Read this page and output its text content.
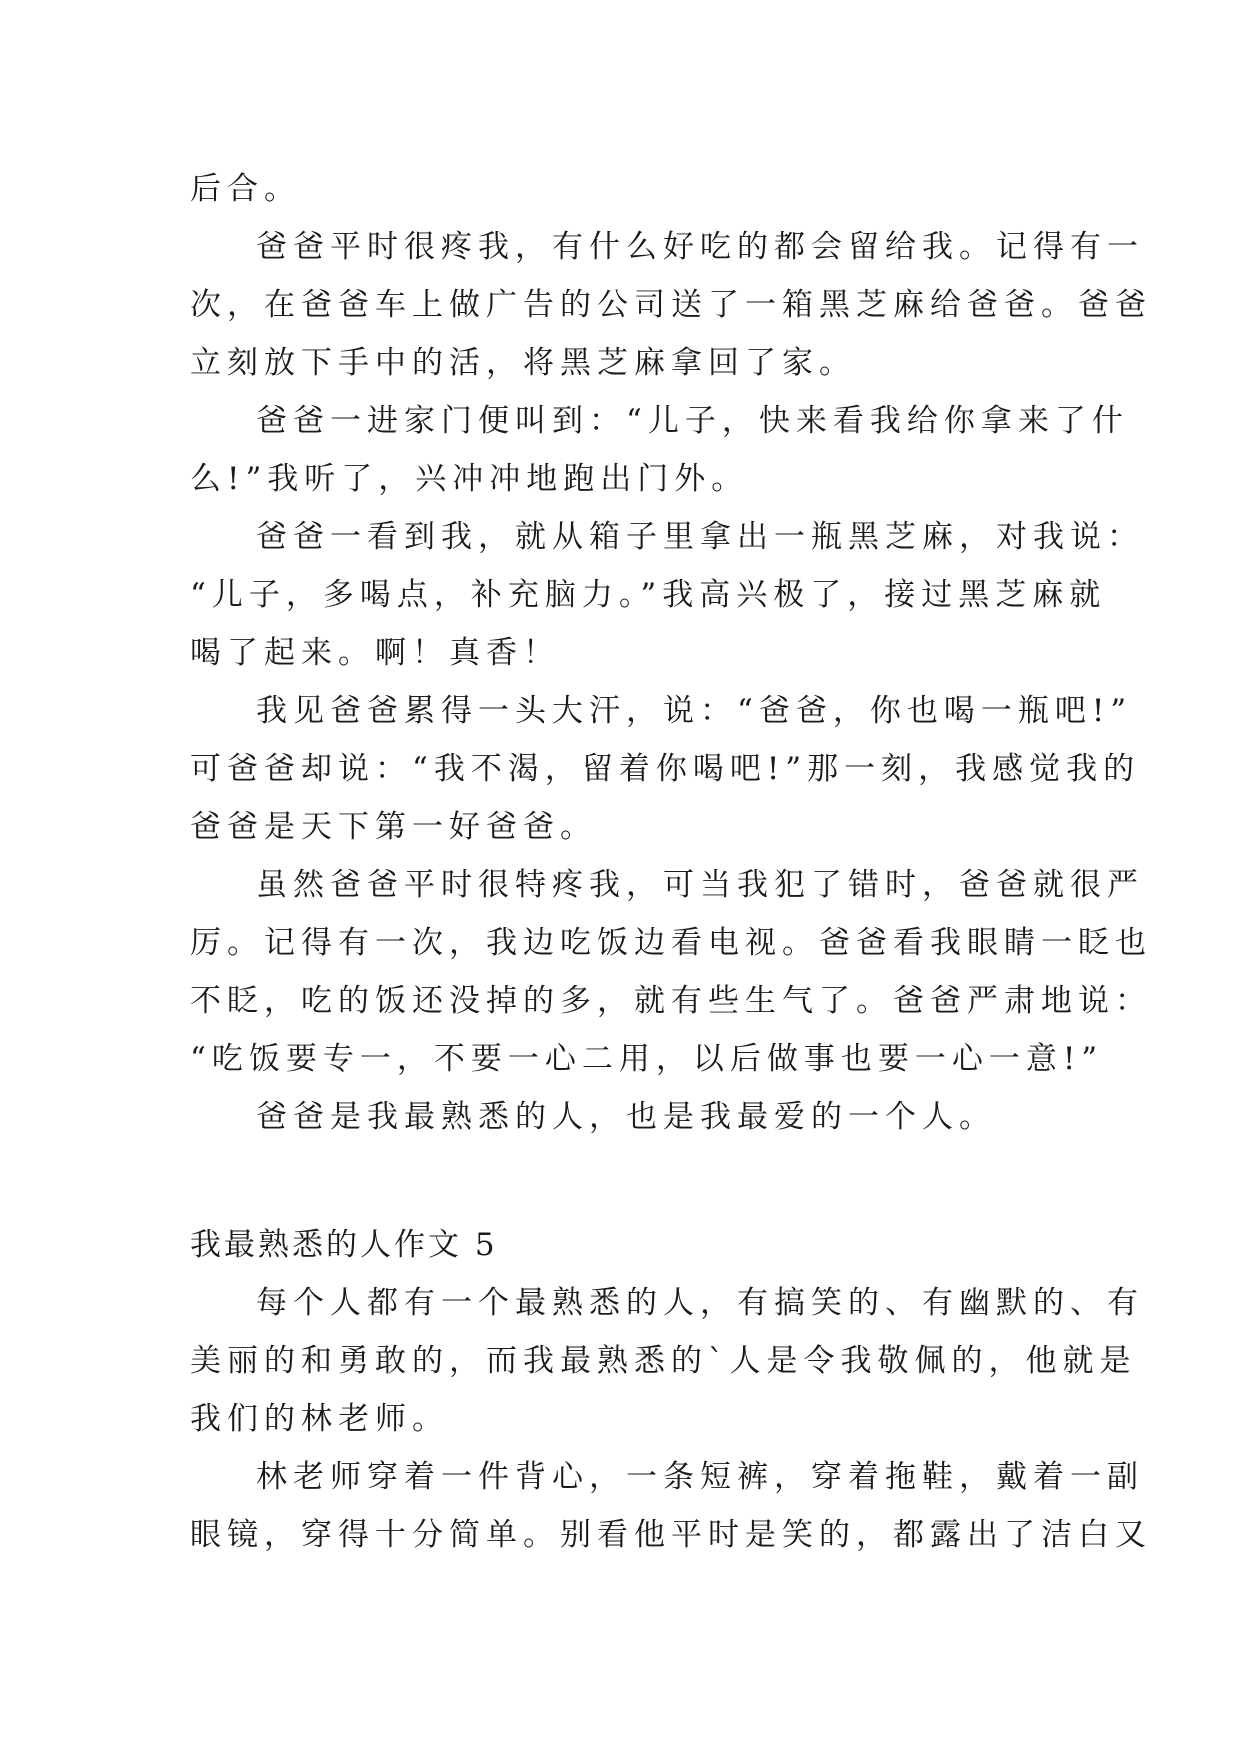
后合。
爸爸平时很疼我，有什么好吃的都会留给我。记得有一
次，在爸爸车上做广告的公司送了一箱黑芝麻给爸爸。爸爸
立刻放下手中的活，将黑芝麻拿回了家。
爸爸一进家门便叫到：“儿子，快来看我给你拿来了什
么!”我听了，兴冲冲地跑出门外。
爸爸一看到我，就从箱子里拿出一瓶黑芝麻，对我说：
“儿子，多喝点，补充脑力。”我高兴极了，接过黑芝麻就
喝了起来。啊！真香！
我见爸爸累得一头大汗，说：“爸爸，你也喝一瓶吧!”
可爸爸却说：“我不渴，留着你喝吧!”那一刻，我感觉我的
爸爸是天下第一好爸爸。
虽然爸爸平时很特疼我，可当我犯了错时，爸爸就很严
厉。记得有一次，我边吃饭边看电视。爸爸看我眼睛一眨也
不眨，吃的饭还没掉的多，就有些生气了。爸爸严肃地说：
“吃饭要专一，不要一心二用，以后做事也要一心一意!”
爸爸是我最熟悉的人，也是我最爱的一个人。
我最熟悉的人作文 5
每个人都有一个最熟悉的人，有搞笑的、有幽默的、有
美丽的和勇敢的，而我最熟悉的`人是令我敬佩的，他就是
我们的林老师。
林老师穿着一件背心，一条短裤，穿着拖鞋，戴着一副
眼镜，穿得十分简单。别看他平时是笑的，都露出了洁白又
